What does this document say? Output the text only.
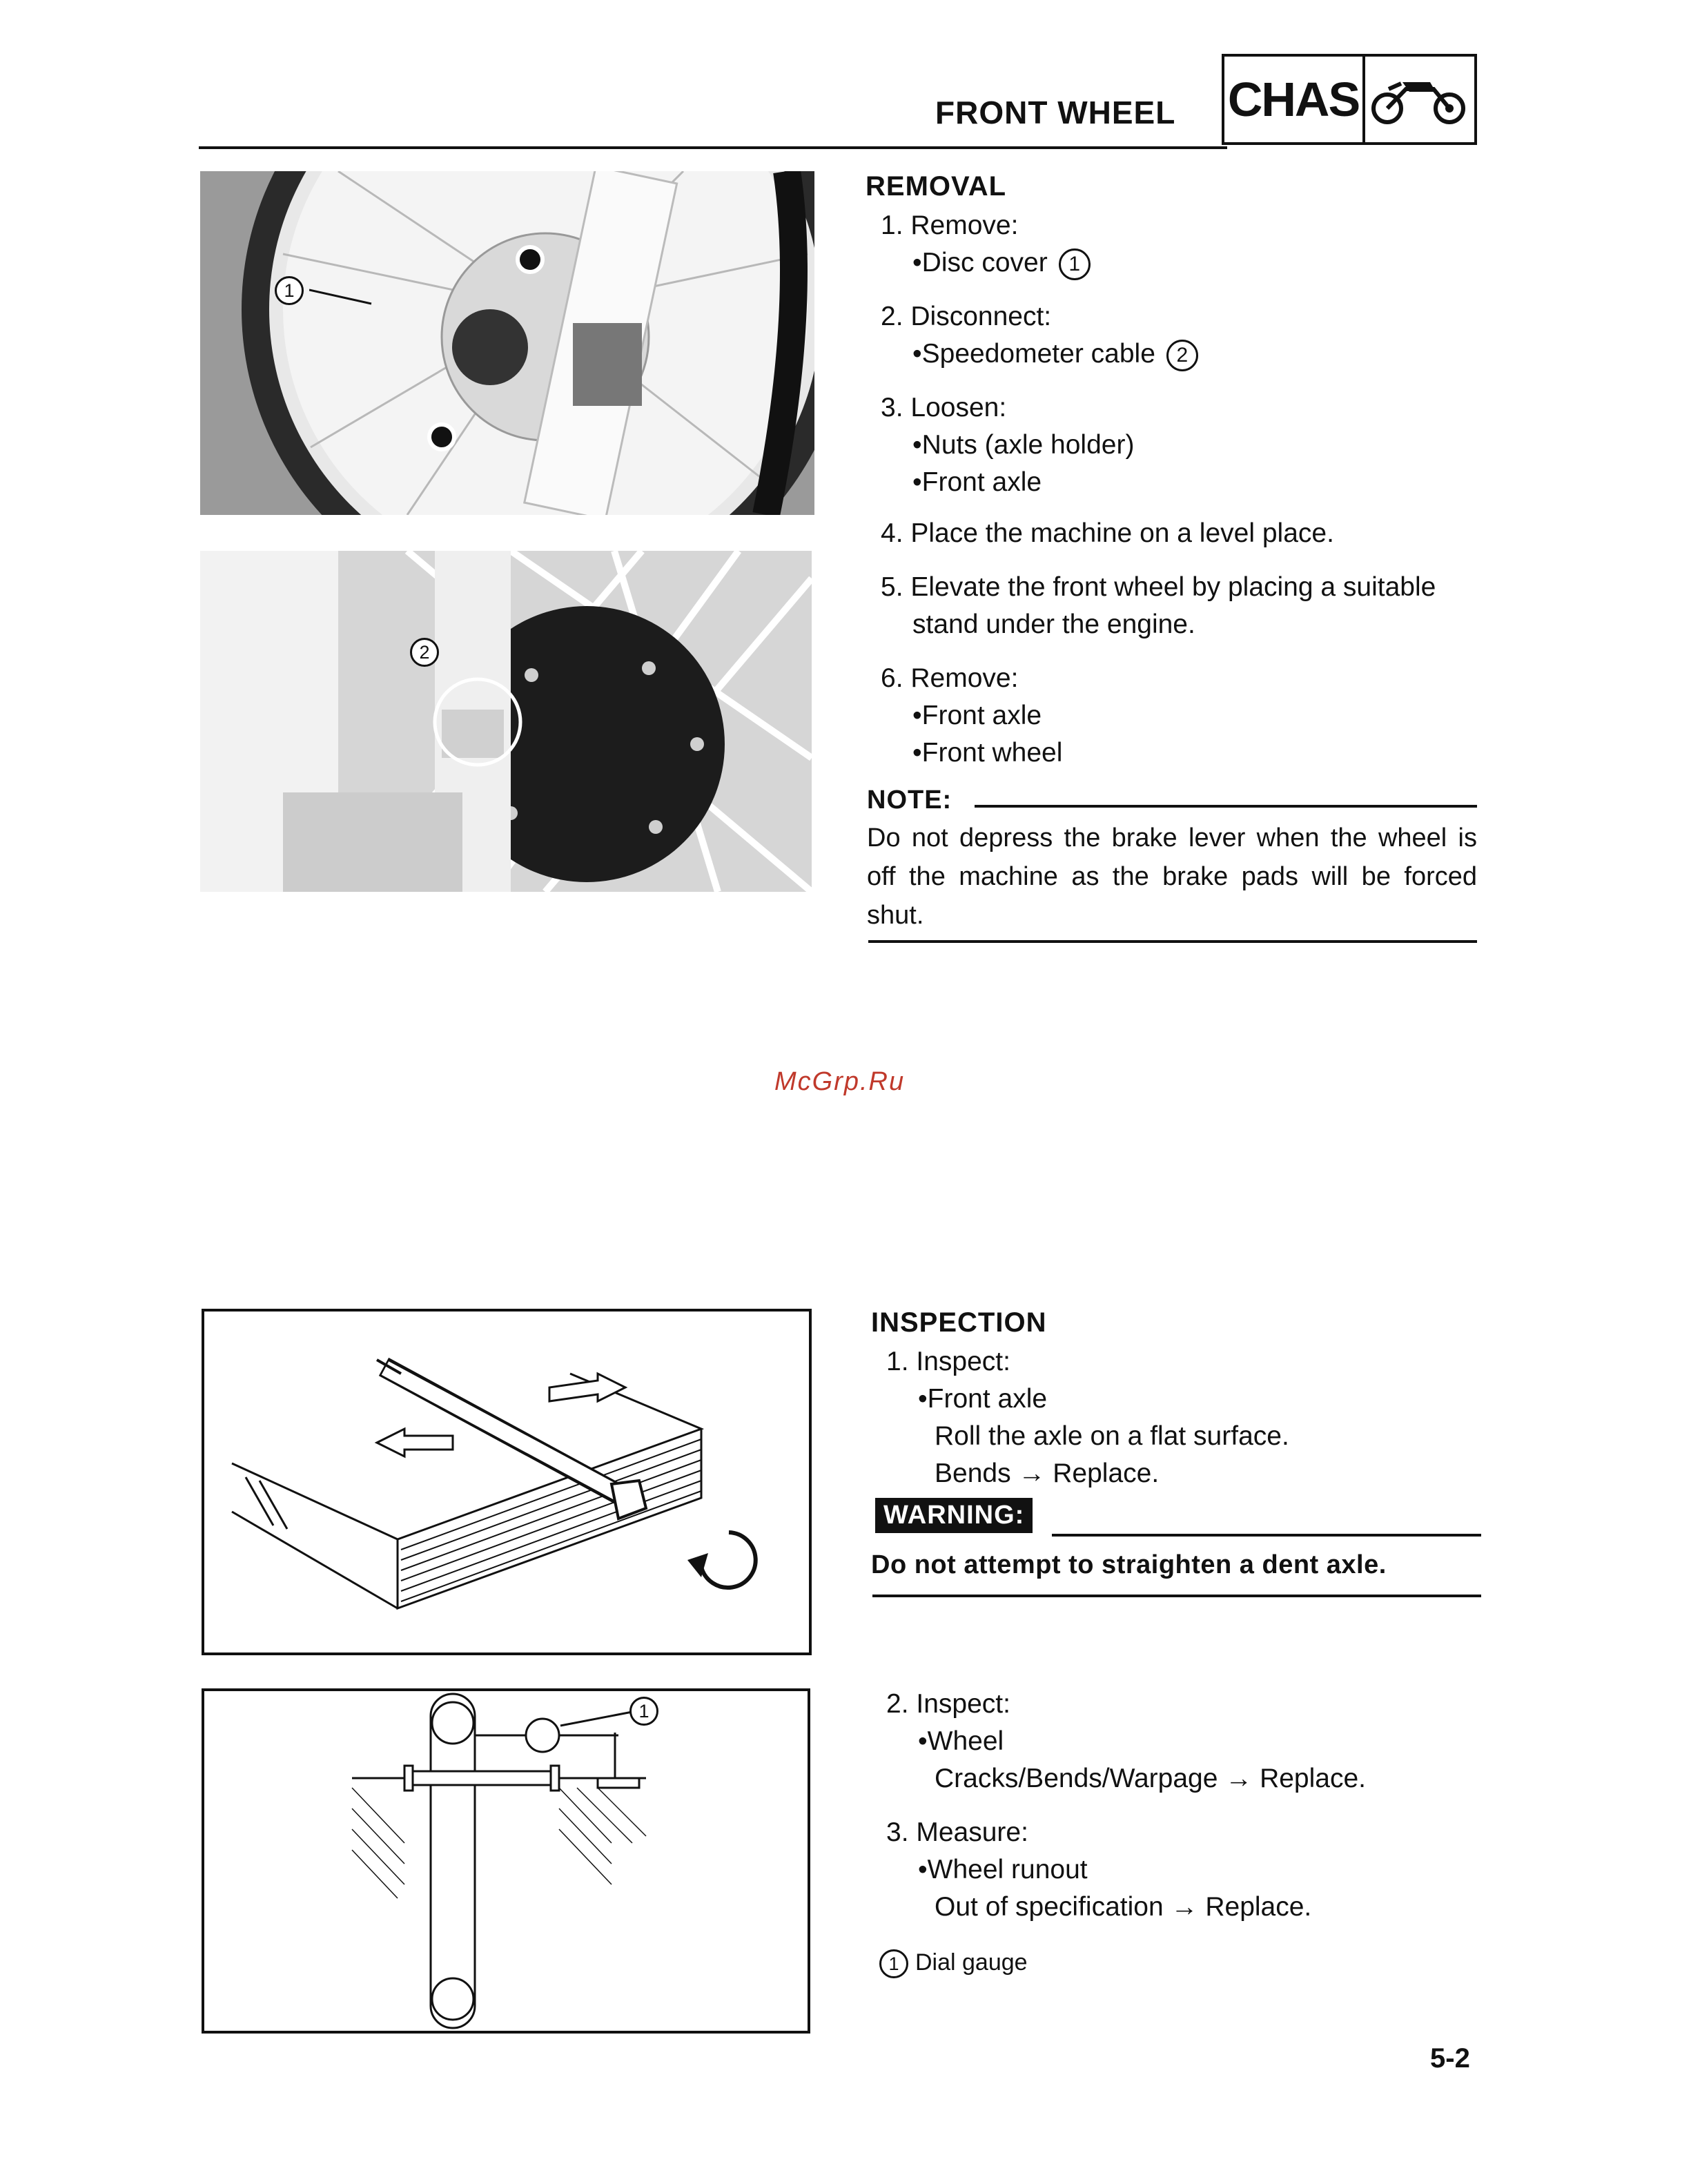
FRONT WHEEL CHAS
1
2
REMOVAL
1. Remove:
•Disc cover 1
2. Disconnect:
•Speedometer cable 2
3. Loosen:
•Nuts (axle holder)
•Front axle
4. Place the machine on a level place.
5. Elevate the front wheel by placing a suitable
stand under the engine.
6. Remove:
•Front axle
•Front wheel
NOTE:
Do not depress the brake lever when the wheel is off the machine as the brake pads will be forced shut.
McGrp.Ru
1
INSPECTION
1. Inspect:
•Front axle
Roll the axle on a flat surface.
Bends → Replace.
WARNING:
Do not attempt to straighten a dent axle.
2. Inspect:
•Wheel
Cracks/Bends/Warpage → Replace.
3. Measure:
•Wheel runout
Out of specification → Replace.
1 Dial gauge
5-2
